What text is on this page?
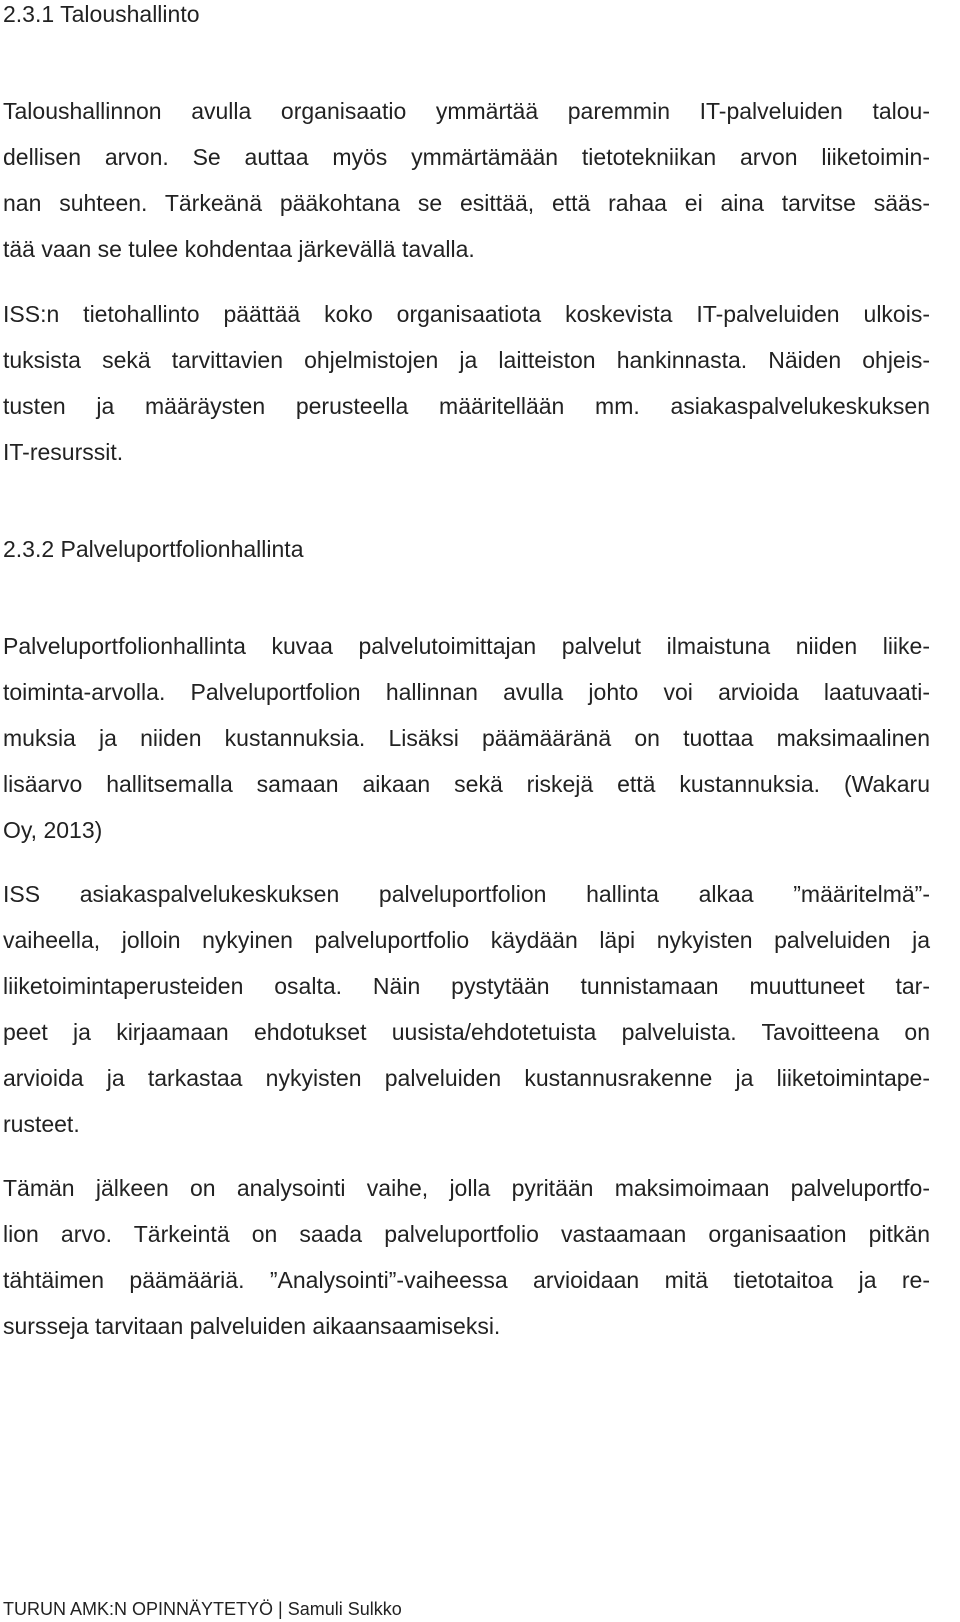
2.3.1 Taloushallinto
Taloushallinnon avulla organisaatio ymmärtää paremmin IT-palveluiden talou-
dellisen arvon. Se auttaa myös ymmärtämään tietotekniikan arvon liiketoimin-
nan suhteen. Tärkeänä pääkohtana se esittää, että rahaa ei aina tarvitse sääs-
tää vaan se tulee kohdentaa järkevällä tavalla.
ISS:n tietohallinto päättää koko organisaatiota koskevista IT-palveluiden ulkois-
tuksista sekä tarvittavien ohjelmistojen ja laitteiston hankinnasta. Näiden ohjeis-
tusten ja määräysten perusteella määritellään mm. asiakaspalvelukeskuksen
IT-resurssit.
2.3.2 Palveluportfolionhallinta
Palveluportfolionhallinta kuvaa palvelutoimittajan palvelut ilmaistuna niiden liike-
toiminta-arvolla. Palveluportfolion hallinnan avulla johto voi arvioida laatuvaati-
muksia ja niiden kustannuksia. Lisäksi päämääränä on tuottaa maksimaalinen
lisäarvo hallitsemalla samaan aikaan sekä riskejä että kustannuksia. (Wakaru
Oy, 2013)
ISS asiakaspalvelukeskuksen palveluportfolion hallinta alkaa ”määritelmä”-
vaiheella, jolloin nykyinen palveluportfolio käydään läpi nykyisten palveluiden ja
liiketoimintaperusteiden osalta. Näin pystytään tunnistamaan muuttuneet tar-
peet ja kirjaamaan ehdotukset uusista/ehdotetuista palveluista. Tavoitteena on
arvioida ja tarkastaa nykyisten palveluiden kustannusrakenne ja liiketoimintape-
rusteet.
Tämän jälkeen on analysointi vaihe, jolla pyritään maksimoimaan palveluportfo-
lion arvo. Tärkeintä on saada palveluportfolio vastaamaan organisaation pitkän
tähtäimen päämääriä. ”Analysointi”-vaiheessa arvioidaan mitä tietotaitoa ja re-
sursseja tarvitaan palveluiden aikaansaamiseksi.
TURUN AMK:N OPINNÄYTETYÖ | Samuli Sulkko
